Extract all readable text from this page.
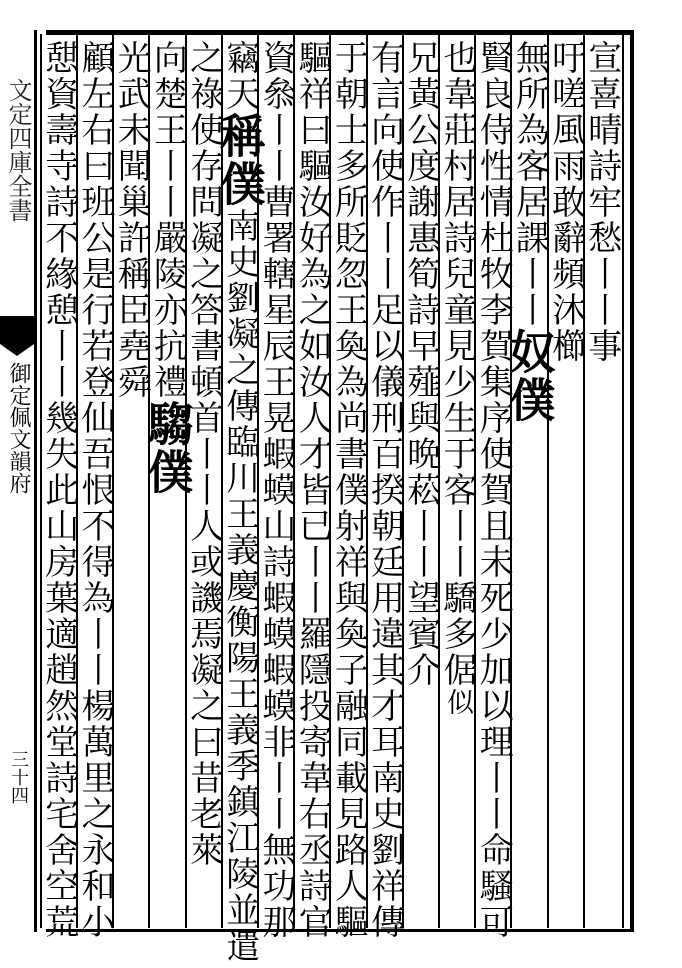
文定四庫全書
御定佩文韻府
三十四
宣喜晴詩牢愁丨丨事
吁嗟風雨敢辭頻沐櫛
無所為客居課丨丨奴僕
賢良侍性情杜牧李賀集序使賀且未死少加以理丨丨命騷可
也韋莊村居詩兒童見少生于客丨丨驕多倨似
兄黃公度謝惠筍詩早薤與晩菘丨丨望賓介
有言向使作丨丨足以儀刑百揆朝廷用違其才耳南史劉祥傳
于朝士多所貶忽王奐為尚書僕射祥與奐子融同載見路人驅
驅祥曰驅汝好為之如汝人才皆已丨丨羅隱投寄韋右丞詩官
資叅丨丨曹署轄星辰王晃蝦蟆山詩蝦蟆蝦蟆非丨丨無功那
竊天稱僕南史劉凝之傳臨川王義慶衡陽王義季鎮江陵並遣
之祿使存問凝之答書頓首丨丨人或譏焉凝之曰昔老萊
向楚王丨丨嚴陵亦抗禮騶僕
光武未聞巢許稱臣堯舜
顧左右曰班公是行若登仙吾恨不得為丨丨楊萬里之永和小
憇資壽寺詩不緣憩丨丨幾失此山房葉適趙然堂詩宅舍空荒
